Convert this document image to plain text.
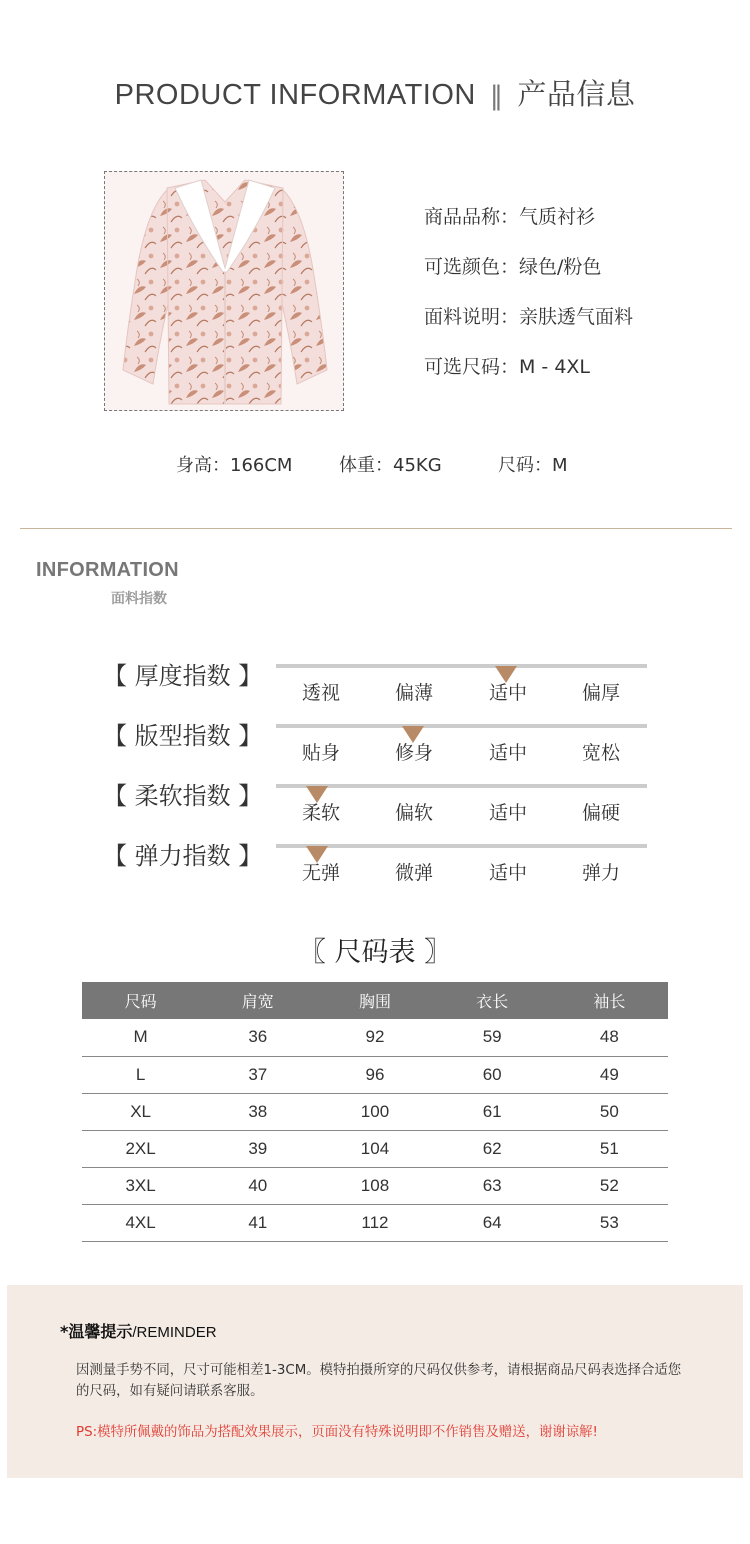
PRODUCT INFORMATION ‖ 产品信息
商品品称：气质衬衫
可选颜色：绿色/粉色
面料说明：亲肤透气面料
可选尺码：M - 4XL
身高：166CM	体重：45KG	尺码：M
INFORMATION
面料指数
【 厚度指数 】
透视	偏薄	适中	偏厚
【 版型指数 】
贴身	修身	适中	宽松
【 柔软指数 】
柔软	偏软	适中	偏硬
【 弹力指数 】
无弹	微弹	适中	弹力
〖 尺码表 〗
尺码	肩宽	胸围	衣长	袖长
M	36	92	59	48
L	37	96	60	49
XL	38	100	61	50
2XL	39	104	62	51
3XL	40	108	63	52
4XL	41	112	64	53
*温馨提示/REMINDER
因测量手势不同，尺寸可能相差1-3CM。模特拍摄所穿的尺码仅供参考，请根据商品尺码表选择合适您的尺码，如有疑问请联系客服。
PS:模特所佩戴的饰品为搭配效果展示，页面没有特殊说明即不作销售及赠送，谢谢谅解!
